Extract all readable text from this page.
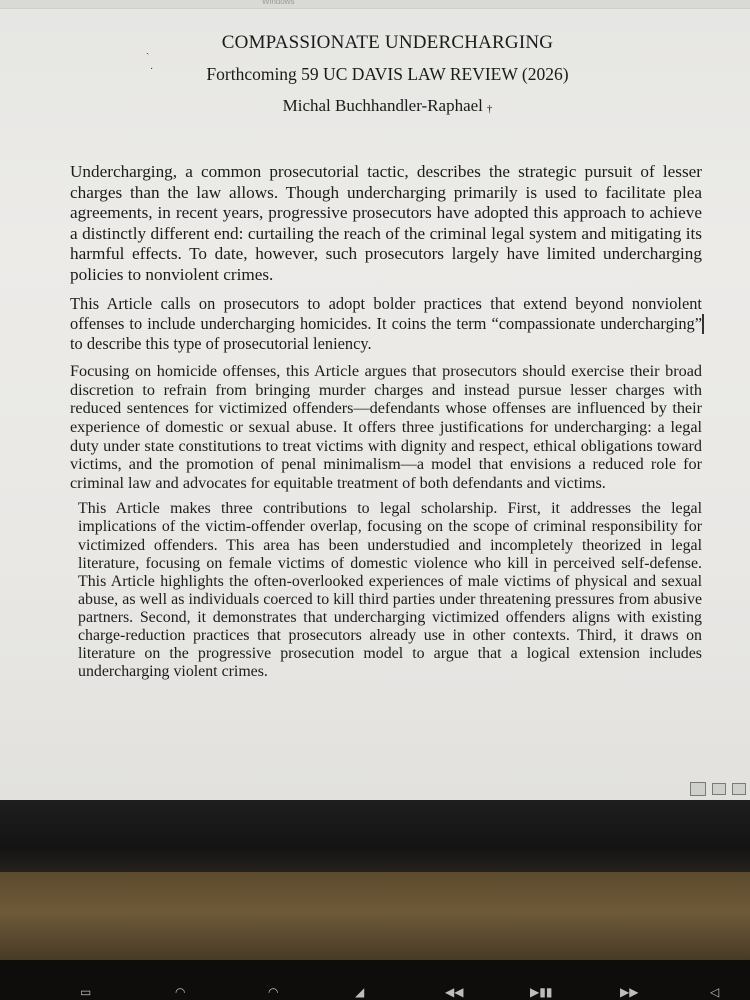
Windows
ˎ
·
COMPASSIONATE UNDERCHARGING
Forthcoming 59 UC DAVIS LAW REVIEW (2026)
Michal Buchhandler-Raphael †

Undercharging, a common prosecutorial tactic, describes the strategic pursuit of lesser charges than the law allows. Though undercharging primarily is used to facilitate plea agreements, in recent years, progressive prosecutors have adopted this approach to achieve a distinctly different end: curtailing the reach of the criminal legal system and mitigating its harmful effects. To date, however, such prosecutors largely have limited undercharging policies to nonviolent crimes.

This Article calls on prosecutors to adopt bolder practices that extend beyond nonviolent offenses to include undercharging homicides. It coins the term “compassionate undercharging” to describe this type of prosecutorial leniency.

Focusing on homicide offenses, this Article argues that prosecutors should exercise their broad discretion to refrain from bringing murder charges and instead pursue lesser charges with reduced sentences for victimized offenders—defendants whose offenses are influenced by their experience of domestic or sexual abuse. It offers three justifications for undercharging: a legal duty under state constitutions to treat victims with dignity and respect, ethical obligations toward victims, and the promotion of penal minimalism—a model that envisions a reduced role for criminal law and advocates for equitable treatment of both defendants and victims.

This Article makes three contributions to legal scholarship. First, it addresses the legal implications of the victim-offender overlap, focusing on the scope of criminal responsibility for victimized offenders. This area has been understudied and incompletely theorized in legal literature, focusing on female victims of domestic violence who kill in perceived self-defense. This Article highlights the often-overlooked experiences of male victims of physical and sexual abuse, as well as individuals coerced to kill third parties under threatening pressures from abusive partners. Second, it demonstrates that undercharging victimized offenders aligns with existing charge-reduction practices that prosecutors already use in other contexts. Third, it draws on literature on the progressive prosecution model to argue that a logical extension includes undercharging violent crimes.

▭	◠	◠	◢	◀◀	▶▮▮	▶▶	◁
